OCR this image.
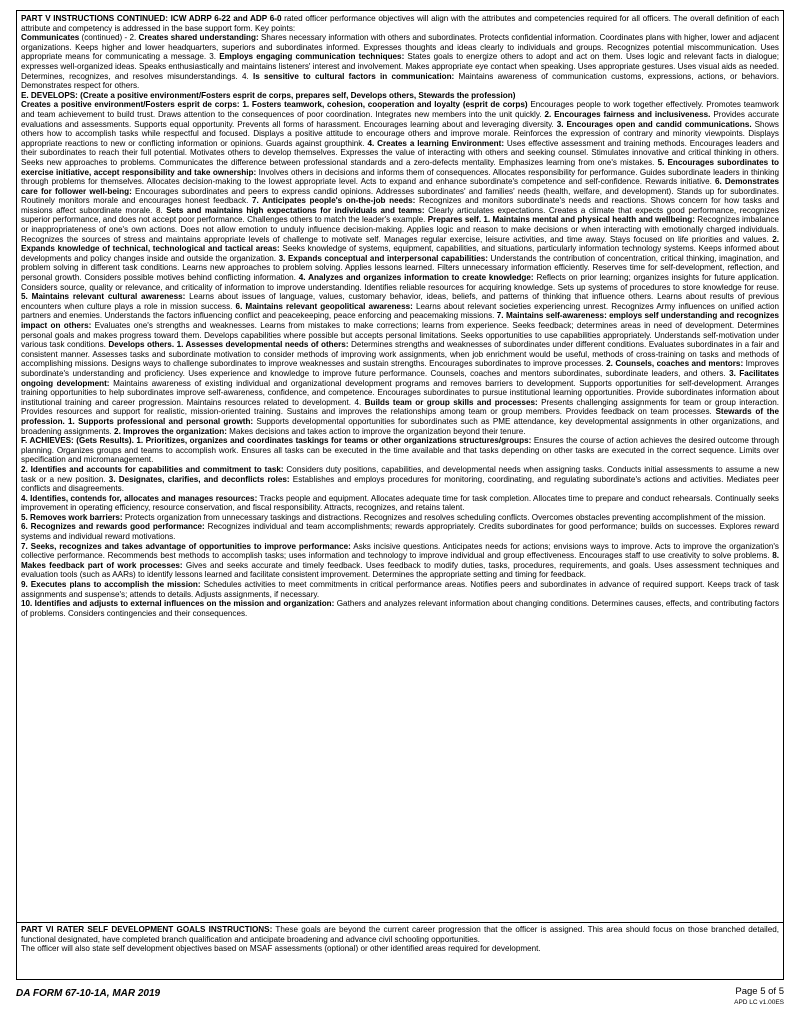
PART V INSTRUCTIONS CONTINUED: ICW ADRP 6-22 and ADP 6-0 rated officer performance objectives will align with the attributes and competencies required for all officers. The overall definition of each attribute and competency is addressed in the base support form. Key points:

Communicates (continued) - 2. Creates shared understanding: Shares necessary information with others and subordinates. Protects confidential information. Coordinates plans with higher, lower and adjacent organizations. Keeps higher and lower headquarters, superiors and subordinates informed. Expresses thoughts and ideas clearly to individuals and groups. Recognizes potential miscommunication. Uses appropriate means for communicating a message. 3. Employs engaging communication techniques: States goals to energize others to adopt and act on them. Uses logic and relevant facts in dialogue; expresses well-organized ideas. Speaks enthusiastically and maintains listeners' interest and involvement. Makes appropriate eye contact when speaking. Uses appropriate gestures. Uses visual aids as needed. Determines, recognizes, and resolves misunderstandings. 4. Is sensitive to cultural factors in communication: Maintains awareness of communication customs, expressions, actions, or behaviors. Demonstrates respect for others.

E. DEVELOPS: (Create a positive environment/Fosters esprit de corps, prepares self, Develops others, Stewards the profession)

Creates a positive environment/Fosters esprit de corps: 1. Fosters teamwork, cohesion, cooperation and loyalty (esprit de corps) Encourages people to work together effectively. Promotes teamwork and team achievement to build trust. Draws attention to the consequences of poor coordination. Integrates new members into the unit quickly. 2. Encourages fairness and inclusiveness. Provides accurate evaluations and assessments. Supports equal opportunity. Prevents all forms of harassment. Encourages learning about and leveraging diversity. 3. Encourages open and candid communications. Shows others how to accomplish tasks while respectful and focused. Displays a positive attitude to encourage others and improve morale. Reinforces the expression of contrary and minority viewpoints. Displays appropriate reactions to new or conflicting information or opinions. Guards against groupthink. 4. Creates a learning Environment: Uses effective assessment and training methods. Encourages leaders and their subordinates to reach their full potential. Motivates others to develop themselves. Expresses the value of interacting with others and seeking counsel. Stimulates innovative and critical thinking in others. Seeks new approaches to problems. Communicates the difference between professional standards and a zero-defects mentality. Emphasizes learning from one's mistakes. 5. Encourages subordinates to exercise initiative, accept responsibility and take ownership: Involves others in decisions and informs them of consequences. Allocates responsibility for performance. Guides subordinate leaders in thinking through problems for themselves. Allocates decision-making to the lowest appropriate level. Acts to expand and enhance subordinate's competence and self-confidence. Rewards initiative. 6. Demonstrates care for follower well-being: Encourages subordinates and peers to express candid opinions. Addresses subordinates' and families' needs (health, welfare, and development). Stands up for subordinates. Routinely monitors morale and encourages honest feedback. 7. Anticipates people's on-the-job needs: Recognizes and monitors subordinate's needs and reactions. Shows concern for how tasks and missions affect subordinate morale. 8. Sets and maintains high expectations for individuals and teams: Clearly articulates expectations. Creates a climate that expects good performance, recognizes superior performance, and does not accept poor performance. Challenges others to match the leader's example. Prepares self. 1. Maintains mental and physical health and wellbeing: Recognizes imbalance or inappropriateness of one's own actions. Does not allow emotion to unduly influence decision-making. Applies logic and reason to make decisions or when interacting with emotionally charged individuals. Recognizes the sources of stress and maintains appropriate levels of challenge to motivate self. Manages regular exercise, leisure activities, and time away. Stays focused on life priorities and values. 2. Expands knowledge of technical, technological and tactical areas: Seeks knowledge of systems, equipment, capabilities, and situations, particularly information technology systems. Keeps informed about developments and policy changes inside and outside the organization. 3. Expands conceptual and interpersonal capabilities: Understands the contribution of concentration, critical thinking, imagination, and problem solving in different task conditions. Learns new approaches to problem solving. Applies lessons learned. Filters unnecessary information efficiently. Reserves time for self-development, reflection, and personal growth. Considers possible motives behind conflicting information. 4. Analyzes and organizes information to create knowledge: Reflects on prior learning; organizes insights for future application. Considers source, quality or relevance, and criticality of information to improve understanding. Identifies reliable resources for acquiring knowledge. Sets up systems of procedures to store knowledge for reuse. 5. Maintains relevant cultural awareness: Learns about issues of language, values, customary behavior, ideas, beliefs, and patterns of thinking that influence others. Learns about results of previous encounters when culture plays a role in mission success. 6. Maintains relevant geopolitical awareness: Learns about relevant societies experiencing unrest. Recognizes Army influences on unified action partners and enemies. Understands the factors influencing conflict and peacekeeping, peace enforcing and peacemaking missions. 7. Maintains self-awareness: employs self understanding and recognizes impact on others: Evaluates one's strengths and weaknesses. Learns from mistakes to make corrections; learns from experience. Seeks feedback; determines areas in need of development. Determines personal goals and makes progress toward them. Develops capabilities where possible but accepts personal limitations. Seeks opportunities to use capabilities appropriately. Understands self-motivation under various task conditions. Develops others. 1. Assesses developmental needs of others: Determines strengths and weaknesses of subordinates under different conditions. Evaluates subordinates in a fair and consistent manner. Assesses tasks and subordinate motivation to consider methods of improving work assignments, when job enrichment would be useful, methods of cross-training on tasks and methods of accomplishing missions. Designs ways to challenge subordinates to improve weaknesses and sustain strengths. Encourages subordinates to improve processes. 2. Counsels, coaches and mentors: Improves subordinate's understanding and proficiency. Uses experience and knowledge to improve future performance. Counsels, coaches and mentors subordinates, subordinate leaders, and others. 3. Facilitates ongoing development: Maintains awareness of existing individual and organizational development programs and removes barriers to development. Supports opportunities for self-development. Arranges training opportunities to help subordinates improve self-awareness, confidence, and competence. Encourages subordinates to pursue institutional learning opportunities. Provide subordinates information about institutional training and career progression. Maintains resources related to development. 4. Builds team or group skills and processes: Presents challenging assignments for team or group interaction. Provides resources and support for realistic, mission-oriented training. Sustains and improves the relationships among team or group members. Provides feedback on team processes. Stewards of the profession. 1. Supports professional and personal growth: Supports developmental opportunities for subordinates such as PME attendance, key developmental assignments in other organizations, and broadening assignments. 2. Improves the organization: Makes decisions and takes action to improve the organization beyond their tenure.

F. ACHIEVES: (Gets Results). 1. Prioritizes, organizes and coordinates taskings for teams or other organizations structures/groups: Ensures the course of action achieves the desired outcome through planning. Organizes groups and teams to accomplish work. Ensures all tasks can be executed in the time available and that tasks depending on other tasks are executed in the correct sequence. Limits over specification and micromanagement.

2. Identifies and accounts for capabilities and commitment to task: Considers duty positions, capabilities, and developmental needs when assigning tasks. Conducts initial assessments to assume a new task or a new position. 3. Designates, clarifies, and deconflicts roles: Establishes and employs procedures for monitoring, coordinating, and regulating subordinate's actions and activities. Mediates peer conflicts and disagreements.

4. Identifies, contends for, allocates and manages resources: Tracks people and equipment. Allocates adequate time for task completion. Allocates time to prepare and conduct rehearsals. Continually seeks improvement in operating efficiency, resource conservation, and fiscal responsibility. Attracts, recognizes, and retains talent.

5. Removes work barriers: Protects organization from unnecessary taskings and distractions. Recognizes and resolves scheduling conflicts. Overcomes obstacles preventing accomplishment of the mission.

6. Recognizes and rewards good performance: Recognizes individual and team accomplishments; rewards appropriately. Credits subordinates for good performance; builds on successes. Explores reward systems and individual reward motivations.

7. Seeks, recognizes and takes advantage of opportunities to improve performance: Asks incisive questions. Anticipates needs for actions; envisions ways to improve. Acts to improve the organization's collective performance. Recommends best methods to accomplish tasks; uses information and technology to improve individual and group effectiveness. Encourages staff to use creativity to solve problems. 8. Makes feedback part of work processes: Gives and seeks accurate and timely feedback. Uses feedback to modify duties, tasks, procedures, requirements, and goals. Uses assessment techniques and evaluation tools (such as AARs) to identify lessons learned and facilitate consistent improvement. Determines the appropriate setting and timing for feedback.

9. Executes plans to accomplish the mission: Schedules activities to meet commitments in critical performance areas. Notifies peers and subordinates in advance of required support. Keeps track of task assignments and suspense's; attends to details. Adjusts assignments, if necessary.

10. Identifies and adjusts to external influences on the mission and organization: Gathers and analyzes relevant information about changing conditions. Determines causes, effects, and contributing factors of problems. Considers contingencies and their consequences.

PART VI RATER SELF DEVELOPMENT GOALS INSTRUCTIONS: These goals are beyond the current career progression that the officer is assigned. This area should focus on those branched detailed, functional designated, have completed branch qualification and anticipate broadening and advance civil schooling opportunities.

The officer will also state self development objectives based on MSAF assessments (optional) or other identified areas required for development.

DA FORM 67-10-1A, MAR 2019	Page 5 of 5
APD LC v1.00ES
